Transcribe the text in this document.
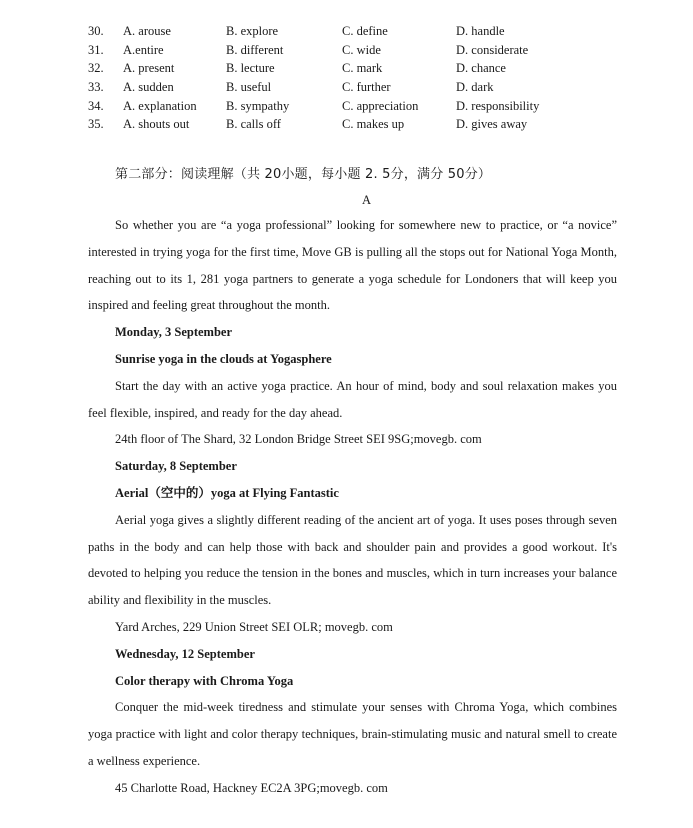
30.	A. arouse	B. explore	C. define	D. handle
31.	A.entire	B. different	C. wide	D. considerate
32.	A. present	B. lecture	C. mark	D. chance
33.	A. sudden	B. useful	C. further	D. dark
34.	A. explanation	B. sympathy	C. appreciation	D. responsibility
35.	A. shouts out	B. calls off	C. makes up	D. gives away
第二部分：阅读理解（共 20小题，每小题 2. 5分，满分 50分）
A

So whether you are “a yoga professional” looking for somewhere new to practice, or “a novice” interested in trying yoga for the first time, Move GB is pulling all the stops out for National Yoga Month, reaching out to its 1, 281 yoga partners to generate a yoga schedule for Londoners that will keep you inspired and feeling great throughout the month.

Monday, 3 September

Sunrise yoga in the clouds at Yogasphere

Start the day with an active yoga practice. An hour of mind, body and soul relaxation makes you feel flexible, inspired, and ready for the day ahead.

24th floor of The Shard, 32 London Bridge Street SEI 9SG;movegb. com

Saturday, 8 September

Aerial（空中的）yoga at Flying Fantastic

Aerial yoga gives a slightly different reading of the ancient art of yoga. It uses poses through seven paths in the body and can help those with back and shoulder pain and provides a good workout. It's devoted to helping you reduce the tension in the bones and muscles, which in turn increases your balance ability and flexibility in the muscles.

Yard Arches, 229 Union Street SEI OLR; movegb. com

Wednesday, 12 September

Color therapy with Chroma Yoga

Conquer the mid-week tiredness and stimulate your senses with Chroma Yoga, which combines yoga practice with light and color therapy techniques, brain-stimulating music and natural smell to create a wellness experience.

45 Charlotte Road, Hackney EC2A 3PG;movegb. com
